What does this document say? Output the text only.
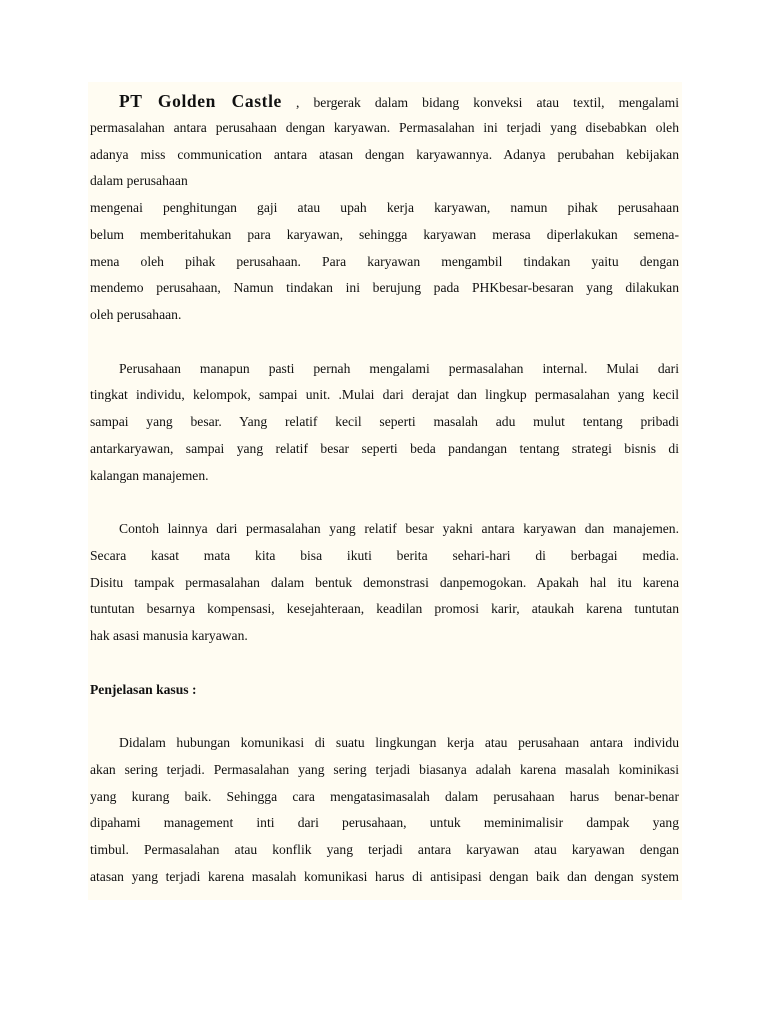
PT Golden Castle , bergerak dalam bidang konveksi atau textil, mengalami
permasalahan antara perusahaan dengan karyawan. Permasalahan ini terjadi yang disebabkan oleh
adanya miss communication antara atasan dengan karyawannya. Adanya perubahan kebijakan
dalam perusahaan
mengenai penghitungan gaji atau upah kerja karyawan, namun pihak perusahaan
belum memberitahukan para karyawan, sehingga karyawan merasa diperlakukan semena-
mena oleh pihak perusahaan. Para karyawan mengambil tindakan yaitu dengan
mendemo perusahaan, Namun tindakan ini berujung pada PHKbesar-besaran yang dilakukan
oleh perusahaan.
Perusahaan manapun pasti pernah mengalami permasalahan internal. Mulai dari
tingkat individu, kelompok, sampai unit. .Mulai dari derajat dan lingkup permasalahan yang kecil
sampai yang besar. Yang relatif kecil seperti masalah adu mulut tentang pribadi
antarkaryawan, sampai yang relatif besar seperti beda pandangan tentang strategi bisnis di
kalangan manajemen.
Contoh lainnya dari permasalahan yang relatif besar yakni antara karyawan dan manajemen.
Secara kasat mata kita bisa ikuti berita sehari-hari di berbagai media.
Disitu tampak permasalahan dalam bentuk demonstrasi danpemogokan. Apakah hal itu karena
tuntutan besarnya kompensasi, kesejahteraan, keadilan promosi karir, ataukah karena tuntutan
hak asasi manusia karyawan.
Penjelasan kasus :
Didalam hubungan komunikasi di suatu lingkungan kerja atau perusahaan antara individu
akan sering terjadi. Permasalahan yang sering terjadi biasanya adalah karena masalah kominikasi
yang kurang baik. Sehingga cara mengatasimasalah dalam perusahaan harus benar-benar
dipahami management inti dari perusahaan, untuk meminimalisir dampak yang
timbul. Permasalahan atau konflik yang terjadi antara karyawan atau karyawan dengan
atasan yang terjadi karena masalah komunikasi harus di antisipasi dengan baik dan dengan system
